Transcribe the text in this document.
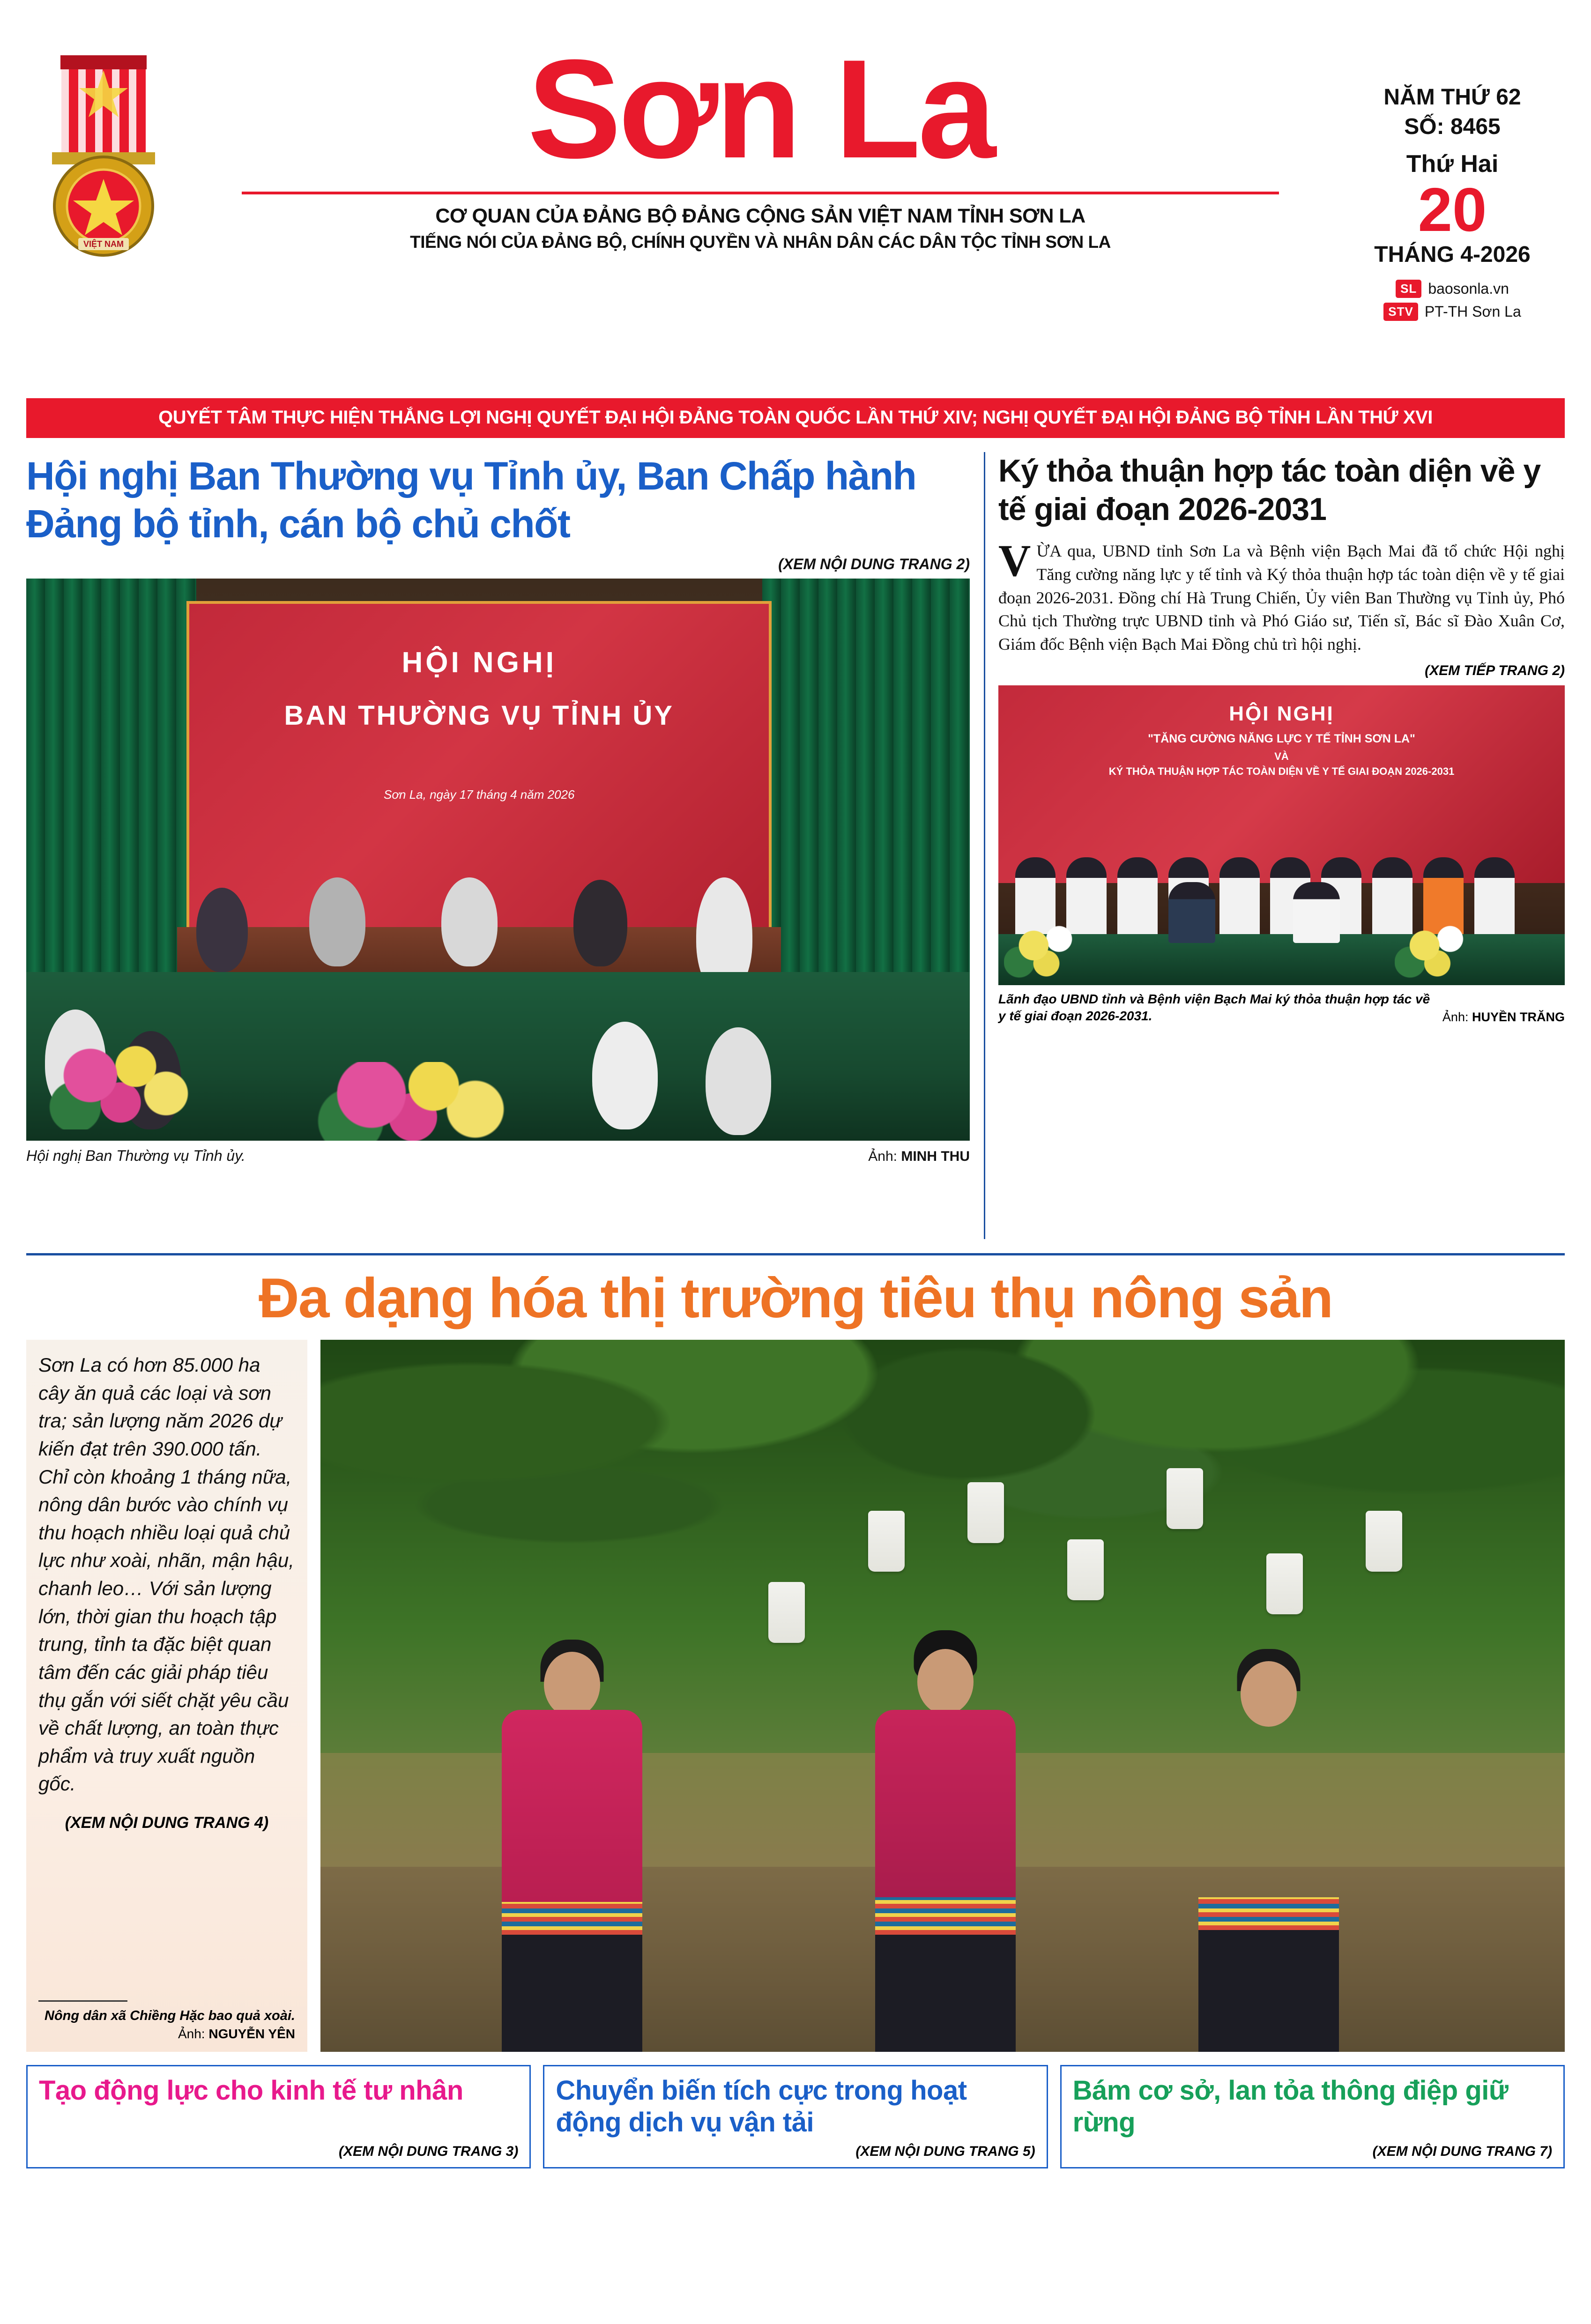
VIỆT NAM
Sơn La
CƠ QUAN CỦA ĐẢNG BỘ ĐẢNG CỘNG SẢN VIỆT NAM TỈNH SƠN LA
TIẾNG NÓI CỦA ĐẢNG BỘ, CHÍNH QUYỀN VÀ NHÂN DÂN CÁC DÂN TỘC TỈNH SƠN LA
NĂM THỨ 62
SỐ: 8465
Thứ Hai
20
THÁNG 4-2026
SL baosonla.vn
STV PT-TH Sơn La
QUYẾT TÂM THỰC HIỆN THẮNG LỢI NGHỊ QUYẾT ĐẠI HỘI ĐẢNG TOÀN QUỐC LẦN THỨ XIV; NGHỊ QUYẾT ĐẠI HỘI ĐẢNG BỘ TỈNH LẦN THỨ XVI
Hội nghị Ban Thường vụ Tỉnh ủy, Ban Chấp hành Đảng bộ tỉnh, cán bộ chủ chốt
(XEM NỘI DUNG TRANG 2)
HỘI NGHỊ
BAN THƯỜNG VỤ TỈNH ỦY
Sơn La, ngày 17 tháng 4 năm 2026
Hội nghị Ban Thường vụ Tỉnh ủy.	Ảnh: MINH THU
Ký thỏa thuận hợp tác toàn diện về y tế giai đoạn 2026-2031
VỪA qua, UBND tỉnh Sơn La và Bệnh viện Bạch Mai đã tổ chức Hội nghị Tăng cường năng lực y tế tỉnh và Ký thỏa thuận hợp tác toàn diện về y tế giai đoạn 2026-2031. Đồng chí Hà Trung Chiến, Ủy viên Ban Thường vụ Tỉnh ủy, Phó Chủ tịch Thường trực UBND tỉnh và Phó Giáo sư, Tiến sĩ, Bác sĩ Đào Xuân Cơ, Giám đốc Bệnh viện Bạch Mai Đồng chủ trì hội nghị.
(XEM TIẾP TRANG 2)
HỘI NGHỊ
"TĂNG CƯỜNG NĂNG LỰC Y TẾ TỈNH SƠN LA"
VÀ
KÝ THỎA THUẬN HỢP TÁC TOÀN DIỆN VỀ Y TẾ GIAI ĐOẠN 2026-2031
Lãnh đạo UBND tỉnh và Bệnh viện Bạch Mai ký thỏa thuận hợp tác về y tế giai đoạn 2026-2031.	Ảnh: HUYỀN TRĂNG
Đa dạng hóa thị trường tiêu thụ nông sản
Sơn La có hơn 85.000 ha cây ăn quả các loại và sơn tra; sản lượng năm 2026 dự kiến đạt trên 390.000 tấn. Chỉ còn khoảng 1 tháng nữa, nông dân bước vào chính vụ thu hoạch nhiều loại quả chủ lực như xoài, nhãn, mận hậu, chanh leo… Với sản lượng lớn, thời gian thu hoạch tập trung, tỉnh ta đặc biệt quan tâm đến các giải pháp tiêu thụ gắn với siết chặt yêu cầu về chất lượng, an toàn thực phẩm và truy xuất nguồn gốc.
(XEM NỘI DUNG TRANG 4)
Nông dân xã Chiềng Hặc bao quả xoài.
Ảnh: NGUYỄN YÊN
Tạo động lực cho kinh tế tư nhân
(XEM NỘI DUNG TRANG 3)
Chuyển biến tích cực trong hoạt động dịch vụ vận tải
(XEM NỘI DUNG TRANG 5)
Bám cơ sở, lan tỏa thông điệp giữ rừng
(XEM NỘI DUNG TRANG 7)
